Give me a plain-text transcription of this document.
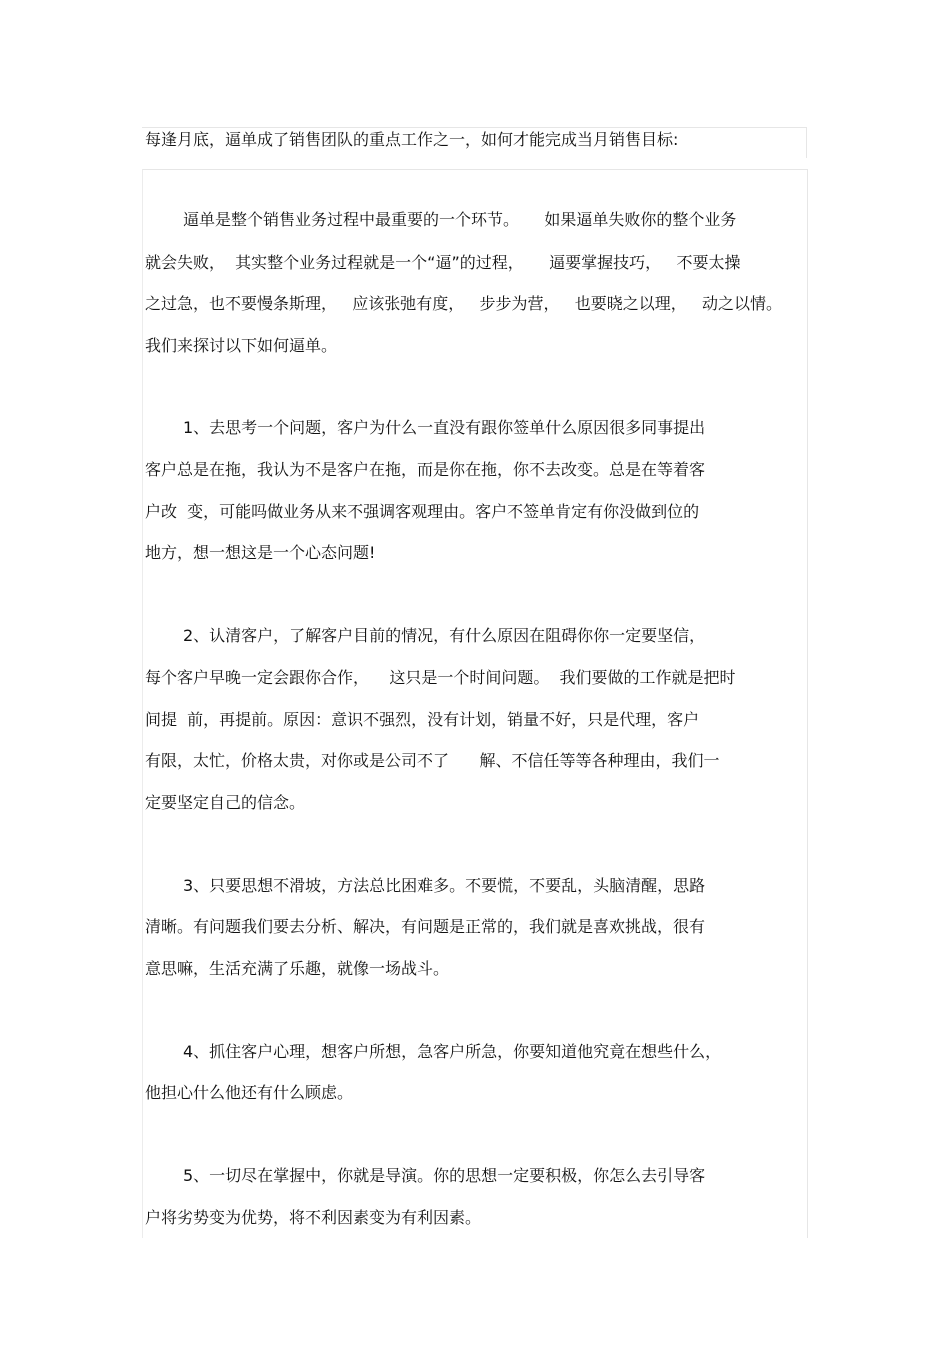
每逢月底，逼单成了销售团队的重点工作之一，如何才能完成当月销售目标:
逼单是整个销售业务过程中最重要的一个环节。     如果逼单失败你的整个业务
就会失败，  其实整个业务过程就是一个“逼”的过程，     逼要掌握技巧，   不要太操
之过急，也不要慢条斯理，   应该张弛有度，   步步为营，   也要晓之以理，   动之以情。
我们来探讨以下如何逼单。
1、去思考一个问题，客户为什么一直没有跟你签单什么原因很多同事提出
客户总是在拖，我认为不是客户在拖，而是你在拖，你不去改变。总是在等着客
户改  变，可能吗做业务从来不强调客观理由。客户不签单肯定有你没做到位的
地方，想一想这是一个心态问题!
2、认清客户，了解客户目前的情况，有什么原因在阻碍你你一定要坚信，
每个客户早晚一定会跟你合作，    这只是一个时间问题。  我们要做的工作就是把时
间提  前，再提前。原因：意识不强烈，没有计划，销量不好，只是代理，客户
有限，太忙，价格太贵，对你或是公司不了      解、不信任等等各种理由，我们一
定要坚定自己的信念。
3、只要思想不滑坡，方法总比困难多。不要慌，不要乱，头脑清醒，思路
清晰。有问题我们要去分析、解决，有问题是正常的，我们就是喜欢挑战，很有
意思嘛，生活充满了乐趣，就像一场战斗。
4、抓住客户心理，想客户所想，急客户所急，你要知道他究竟在想些什么，
他担心什么他还有什么顾虑。
5、一切尽在掌握中，你就是导演。你的思想一定要积极，你怎么去引导客
户将劣势变为优势，将不利因素变为有利因素。
